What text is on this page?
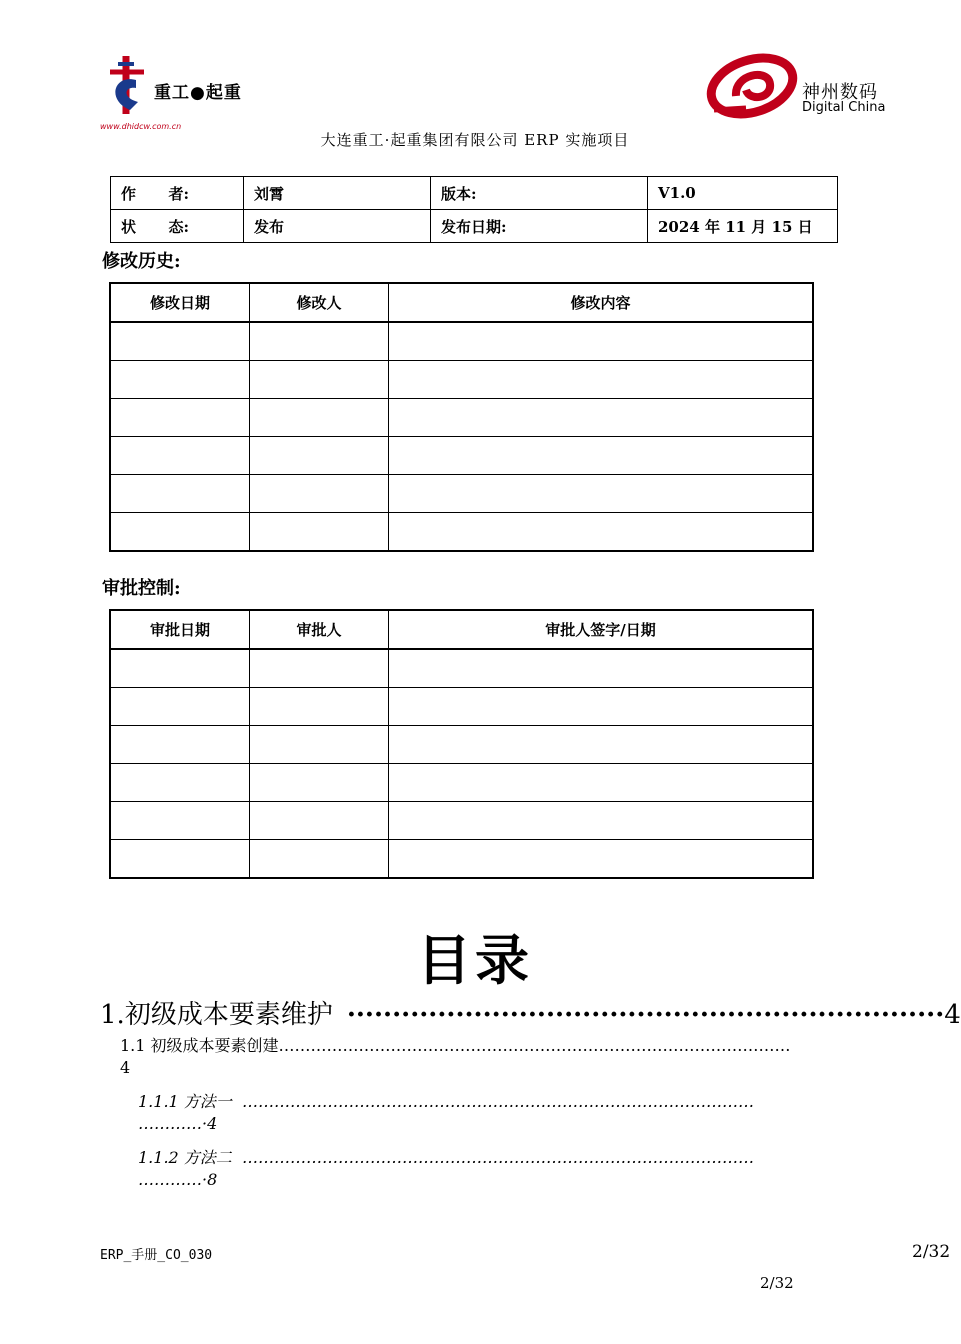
重工●起重
www.dhidcw.com.cn
神州数码
Digital China
大连重工·起重集团有限公司 ERP 实施项目
作 者:	刘霄	版本:	V1.0

状 态:	发布	发布日期:	2024 年 11 月 15 日
修改历史:
修改日期	修改人	修改内容

审批控制:
审批日期	审批人	审批人签字/日期

目录
1. 初级成本要素维护 ·································································· 4
1.1 初级成本要素创建……………………………………………………………………………………
4
1.1.1 方法一 ……………………………………………………………………………………
…………·4
1.1.2 方法二 ……………………………………………………………………………………
…………·8
ERP_手册_CO_030	2/32
2/32
